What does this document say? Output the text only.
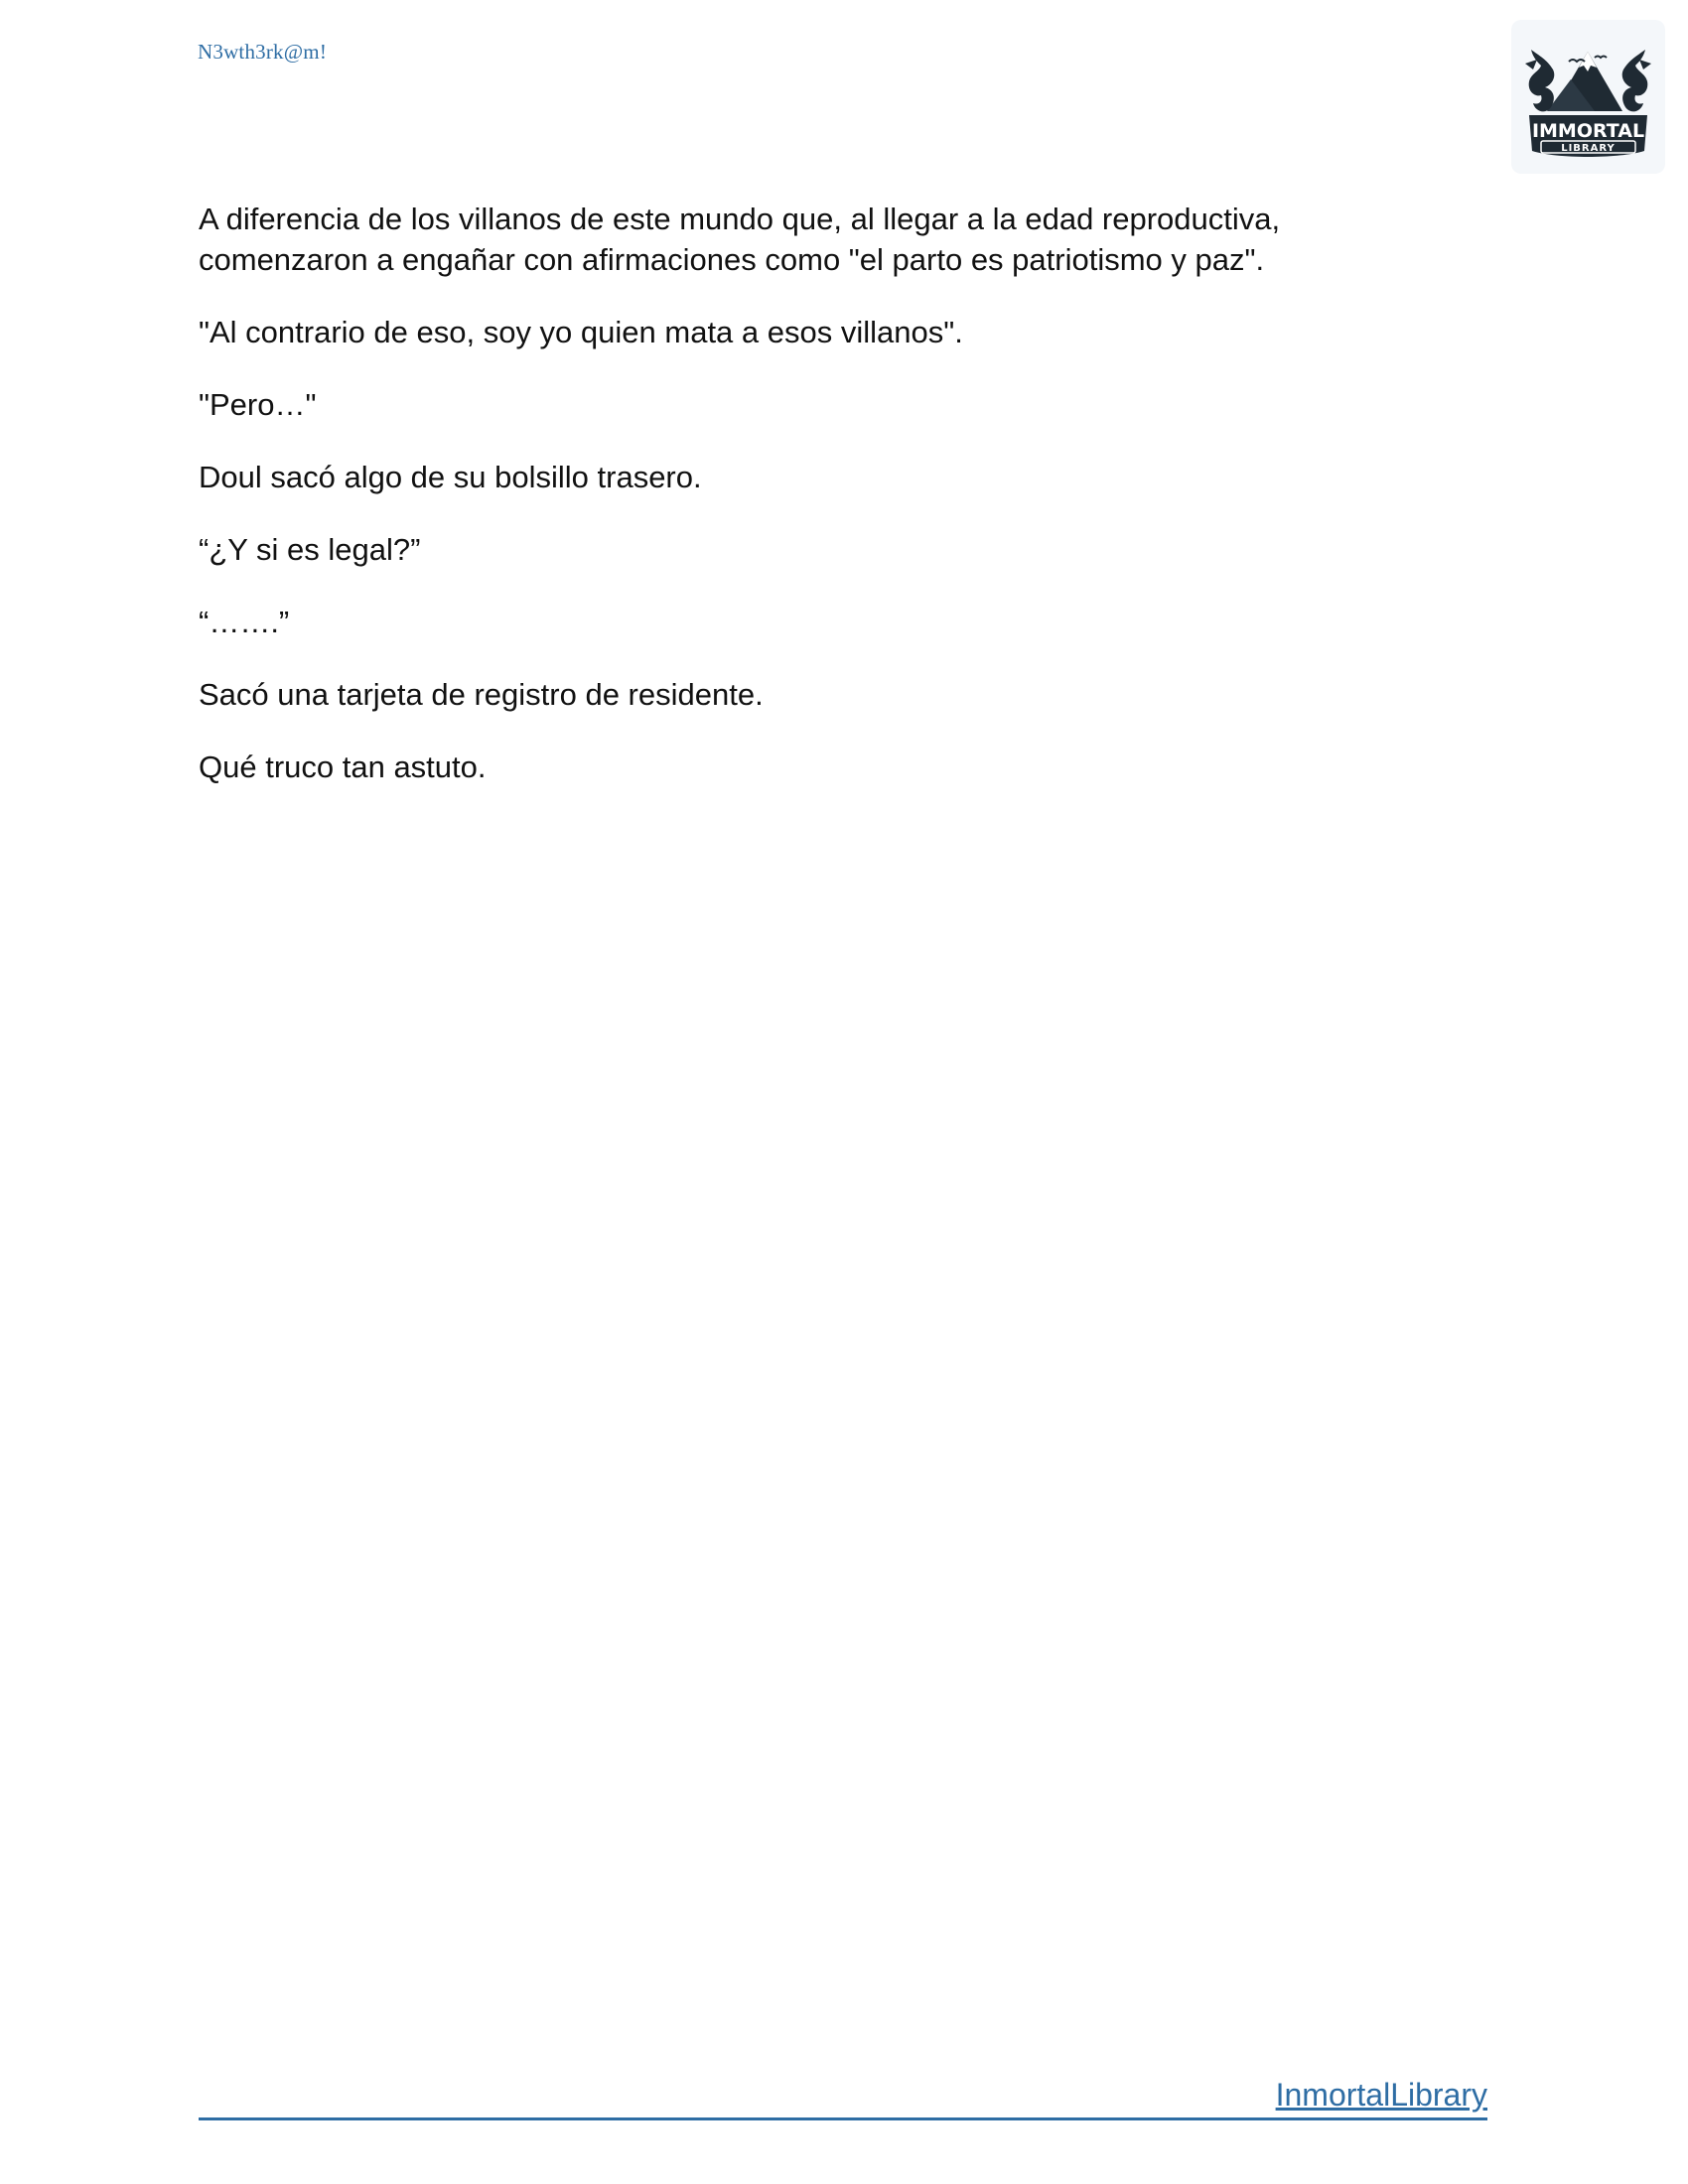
N3wth3rk@m!
IMMORTAL
LIBRARY

A diferencia de los villanos de este mundo que, al llegar a la edad reproductiva, comenzaron a engañar con afirmaciones como "el parto es patriotismo y paz".

"Al contrario de eso, soy yo quien mata a esos villanos".

"Pero…"

Doul sacó algo de su bolsillo trasero.

“¿Y si es legal?”

“…….”

Sacó una tarjeta de registro de residente.

Qué truco tan astuto.

InmortalLibrary
